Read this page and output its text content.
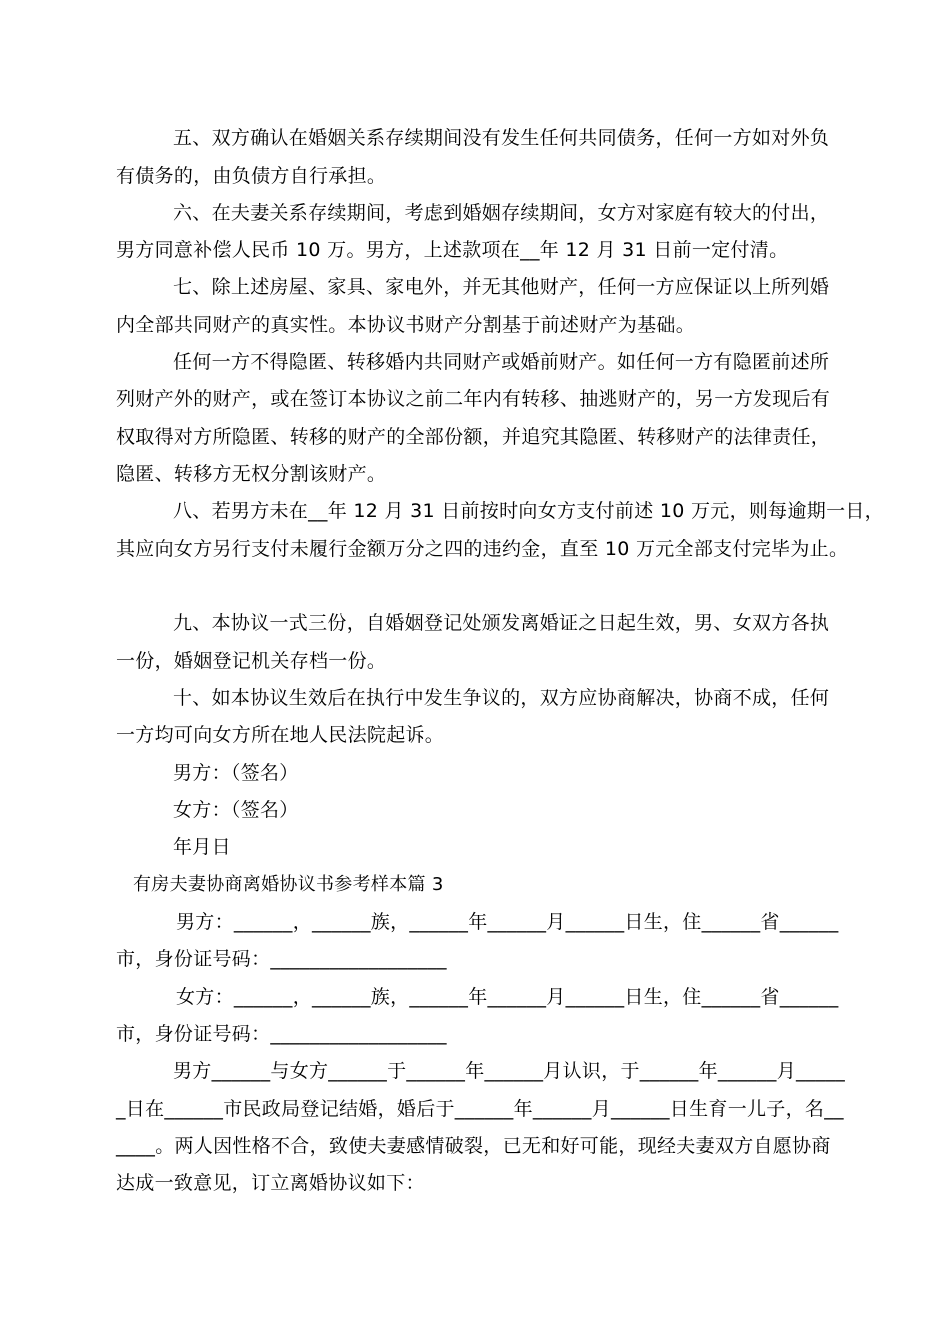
五、双方确认在婚姻关系存续期间没有发生任何共同债务，任何一方如对外负
有债务的，由负债方自行承担。
六、在夫妻关系存续期间，考虑到婚姻存续期间，女方对家庭有较大的付出，
男方同意补偿人民币 10 万。男方，上述款项在__年 12 月 31 日前一定付清。
七、除上述房屋、家具、家电外，并无其他财产，任何一方应保证以上所列婚
内全部共同财产的真实性。本协议书财产分割基于前述财产为基础。
任何一方不得隐匿、转移婚内共同财产或婚前财产。如任何一方有隐匿前述所
列财产外的财产，或在签订本协议之前二年内有转移、抽逃财产的，另一方发现后有
权取得对方所隐匿、转移的财产的全部份额，并追究其隐匿、转移财产的法律责任，
隐匿、转移方无权分割该财产。
八、若男方未在__年 12 月 31 日前按时向女方支付前述 10 万元，则每逾期一日，
其应向女方另行支付未履行金额万分之四的违约金，直至 10 万元全部支付完毕为止。
九、本协议一式三份，自婚姻登记处颁发离婚证之日起生效，男、女双方各执
一份，婚姻登记机关存档一份。
十、如本协议生效后在执行中发生争议的，双方应协商解决，协商不成，任何
一方均可向女方所在地人民法院起诉。
男方：（签名）
女方：（签名）
年月日
有房夫妻协商离婚协议书参考样本篇 3
男方：______，______族，______年______月______日生，住______省______
市，身份证号码：__________________
女方：______，______族，______年______月______日生，住______省______
市，身份证号码：__________________
男方______与女方______于______年______月认识，于______年______月_____
_日在______市民政局登记结婚，婚后于______年______月______日生育一儿子，名__
____。两人因性格不合，致使夫妻感情破裂，已无和好可能，现经夫妻双方自愿协商
达成一致意见，订立离婚协议如下：
